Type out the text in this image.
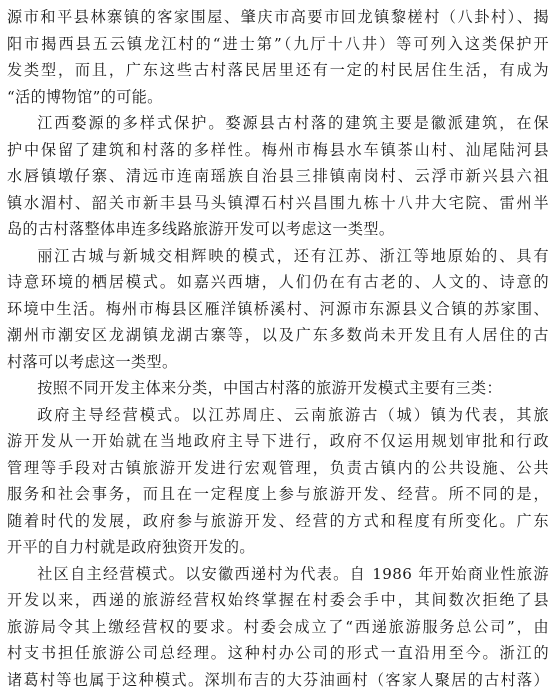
源市和平县林寨镇的客家围屋、肇庆市高要市回龙镇黎槎村（八卦村）、揭
阳市揭西县五云镇龙江村的“进士第”（九厅十八井）等可列入这类保护开
发类型，而且，广东这些古村落民居里还有一定的村民居住生活，有成为
“活的博物馆”的可能。
江西婺源的多样式保护。婺源县古村落的建筑主要是徽派建筑，在保
护中保留了建筑和村落的多样性。梅州市梅县水车镇茶山村、汕尾陆河县
水唇镇墩仔寨、清远市连南瑶族自治县三排镇南岗村、云浮市新兴县六祖
镇水湄村、韶关市新丰县马头镇潭石村兴昌围九栋十八井大宅院、雷州半
岛的古村落整体串连多线路旅游开发可以考虑这一类型。
丽江古城与新城交相辉映的模式，还有江苏、浙江等地原始的、具有
诗意环境的栖居模式。如嘉兴西塘，人们仍在有古老的、人文的、诗意的
环境中生活。梅州市梅县区雁洋镇桥溪村、河源市东源县义合镇的苏家围、
潮州市潮安区龙湖镇龙湖古寨等，以及广东多数尚未开发且有人居住的古
村落可以考虑这一类型。
按照不同开发主体来分类，中国古村落的旅游开发模式主要有三类：
政府主导经营模式。以江苏周庄、云南旅游古（城）镇为代表，其旅
游开发从一开始就在当地政府主导下进行，政府不仅运用规划审批和行政
管理等手段对古镇旅游开发进行宏观管理，负责古镇内的公共设施、公共
服务和社会事务，而且在一定程度上参与旅游开发、经营。所不同的是，
随着时代的发展，政府参与旅游开发、经营的方式和程度有所变化。广东
开平的自力村就是政府独资开发的。
社区自主经营模式。以安徽西递村为代表。自 1986 年开始商业性旅游
开发以来，西递的旅游经营权始终掌握在村委会手中，其间数次拒绝了县
旅游局令其上缴经营权的要求。村委会成立了“西递旅游服务总公司”，由
村支书担任旅游公司总经理。这种村办公司的形式一直沿用至今。浙江的
诸葛村等也属于这种模式。深圳布吉的大芬油画村（客家人聚居的古村落）
